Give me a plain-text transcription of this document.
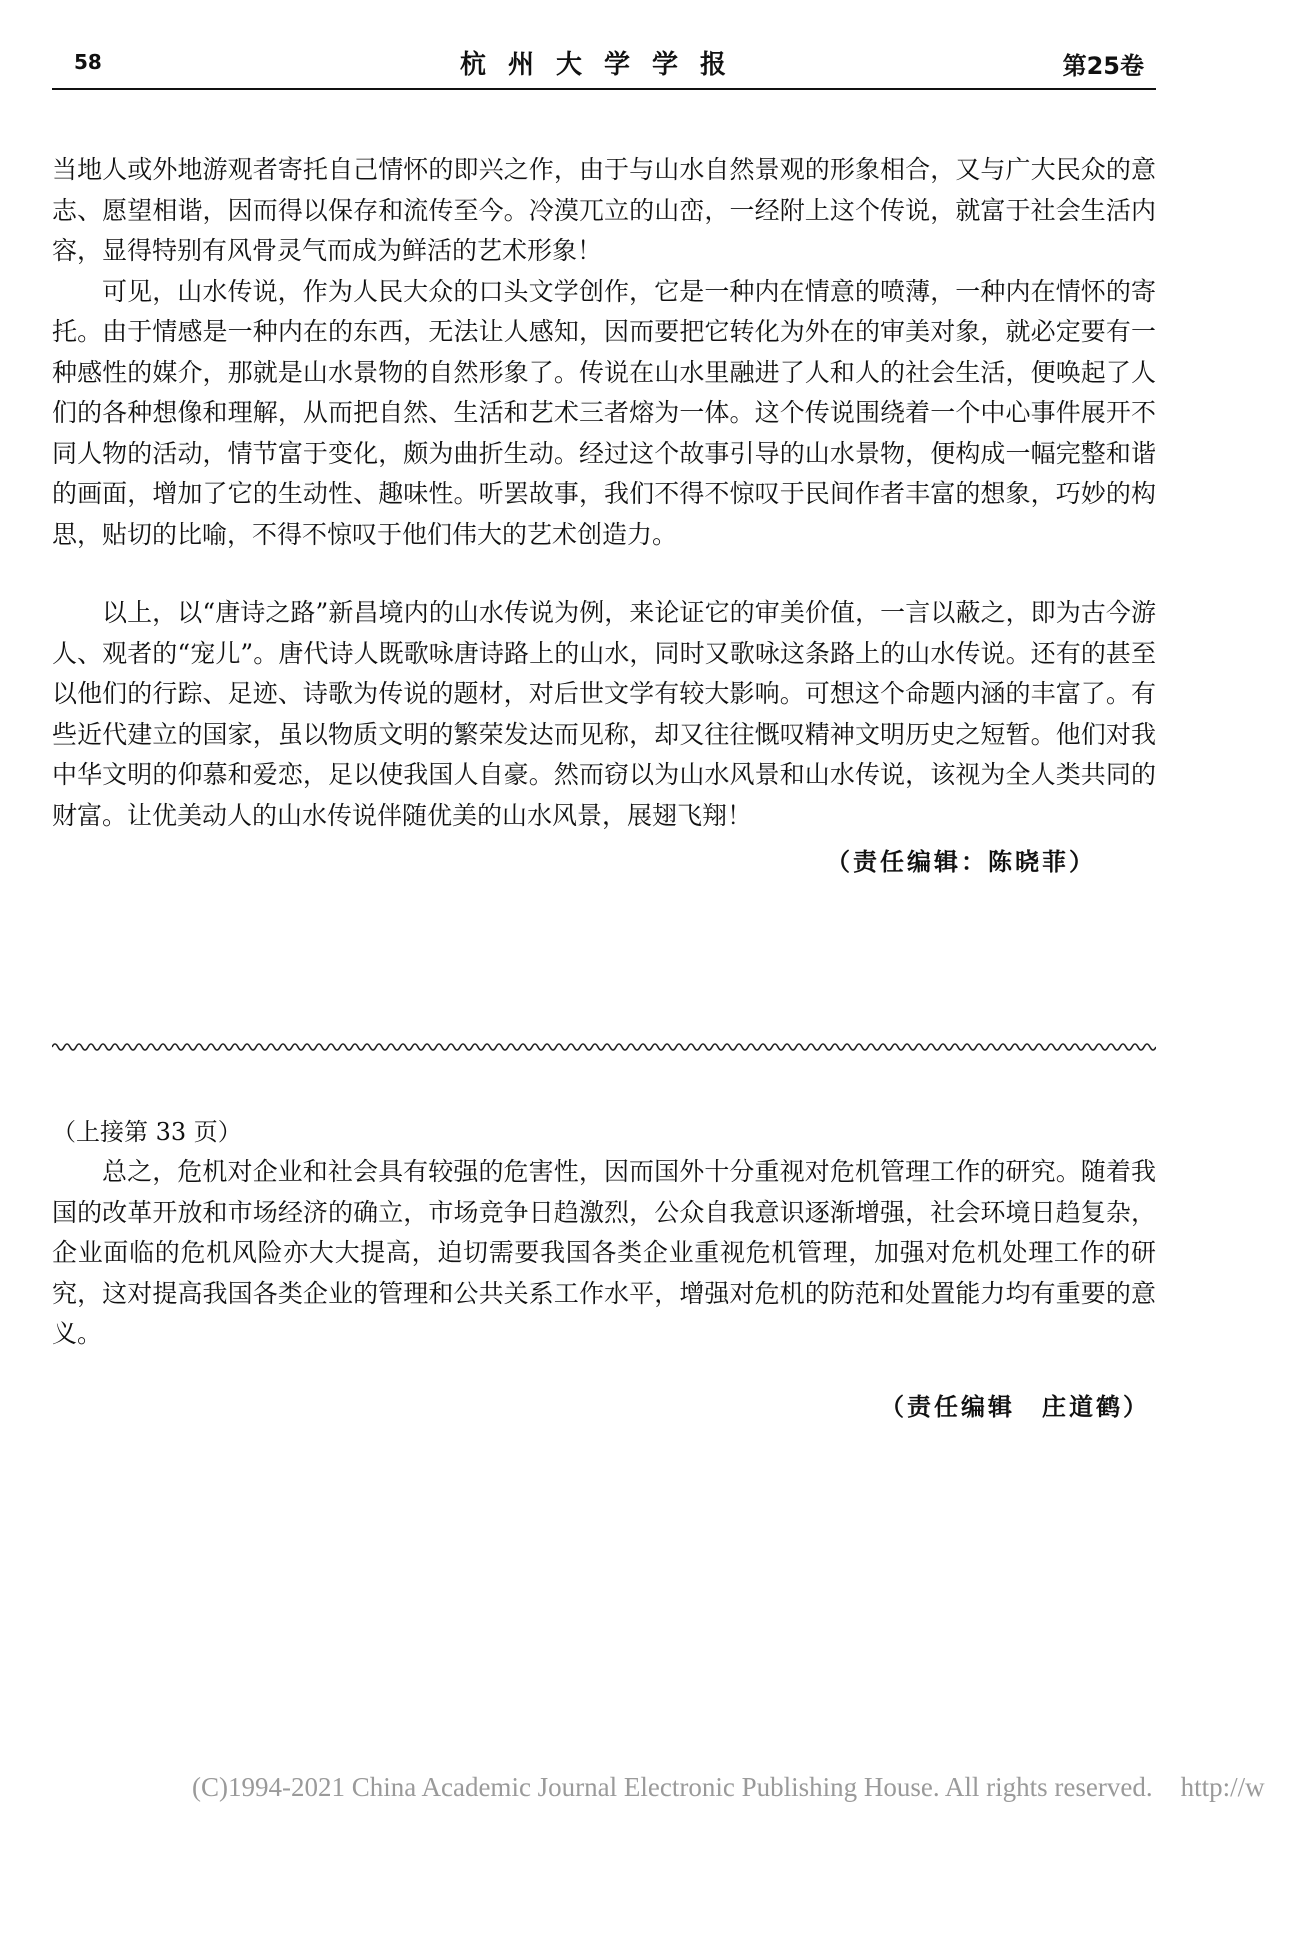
58	杭州大学学报	第25卷

当地人或外地游观者寄托自己情怀的即兴之作，由于与山水自然景观的形象相合，又与广大民众的意志、愿望相谐，因而得以保存和流传至今。冷漠兀立的山峦，一经附上这个传说，就富于社会生活内容，显得特别有风骨灵气而成为鲜活的艺术形象！

可见，山水传说，作为人民大众的口头文学创作，它是一种内在情意的喷薄，一种内在情怀的寄托。由于情感是一种内在的东西，无法让人感知，因而要把它转化为外在的审美对象，就必定要有一种感性的媒介，那就是山水景物的自然形象了。传说在山水里融进了人和人的社会生活，便唤起了人们的各种想像和理解，从而把自然、生活和艺术三者熔为一体。这个传说围绕着一个中心事件展开不同人物的活动，情节富于变化，颇为曲折生动。经过这个故事引导的山水景物，便构成一幅完整和谐的画面，增加了它的生动性、趣味性。听罢故事，我们不得不惊叹于民间作者丰富的想象，巧妙的构思，贴切的比喻，不得不惊叹于他们伟大的艺术创造力。

以上，以“唐诗之路”新昌境内的山水传说为例，来论证它的审美价值，一言以蔽之，即为古今游人、观者的“宠儿”。唐代诗人既歌咏唐诗路上的山水，同时又歌咏这条路上的山水传说。还有的甚至以他们的行踪、足迹、诗歌为传说的题材，对后世文学有较大影响。可想这个命题内涵的丰富了。有些近代建立的国家，虽以物质文明的繁荣发达而见称，却又往往慨叹精神文明历史之短暂。他们对我中华文明的仰慕和爱恋，足以使我国人自豪。然而窃以为山水风景和山水传说，该视为全人类共同的财富。让优美动人的山水传说伴随优美的山水风景，展翅飞翔！

（责任编辑：陈晓菲）

（上接第 33 页）

总之，危机对企业和社会具有较强的危害性，因而国外十分重视对危机管理工作的研究。随着我国的改革开放和市场经济的确立，市场竞争日趋激烈，公众自我意识逐渐增强，社会环境日趋复杂，企业面临的危机风险亦大大提高，迫切需要我国各类企业重视危机管理，加强对危机处理工作的研究，这对提高我国各类企业的管理和公共关系工作水平，增强对危机的防范和处置能力均有重要的意义。

（责任编辑　庄道鹤）
(C)1994-2021 China Academic Journal Electronic Publishing House. All rights reserved. http://w
